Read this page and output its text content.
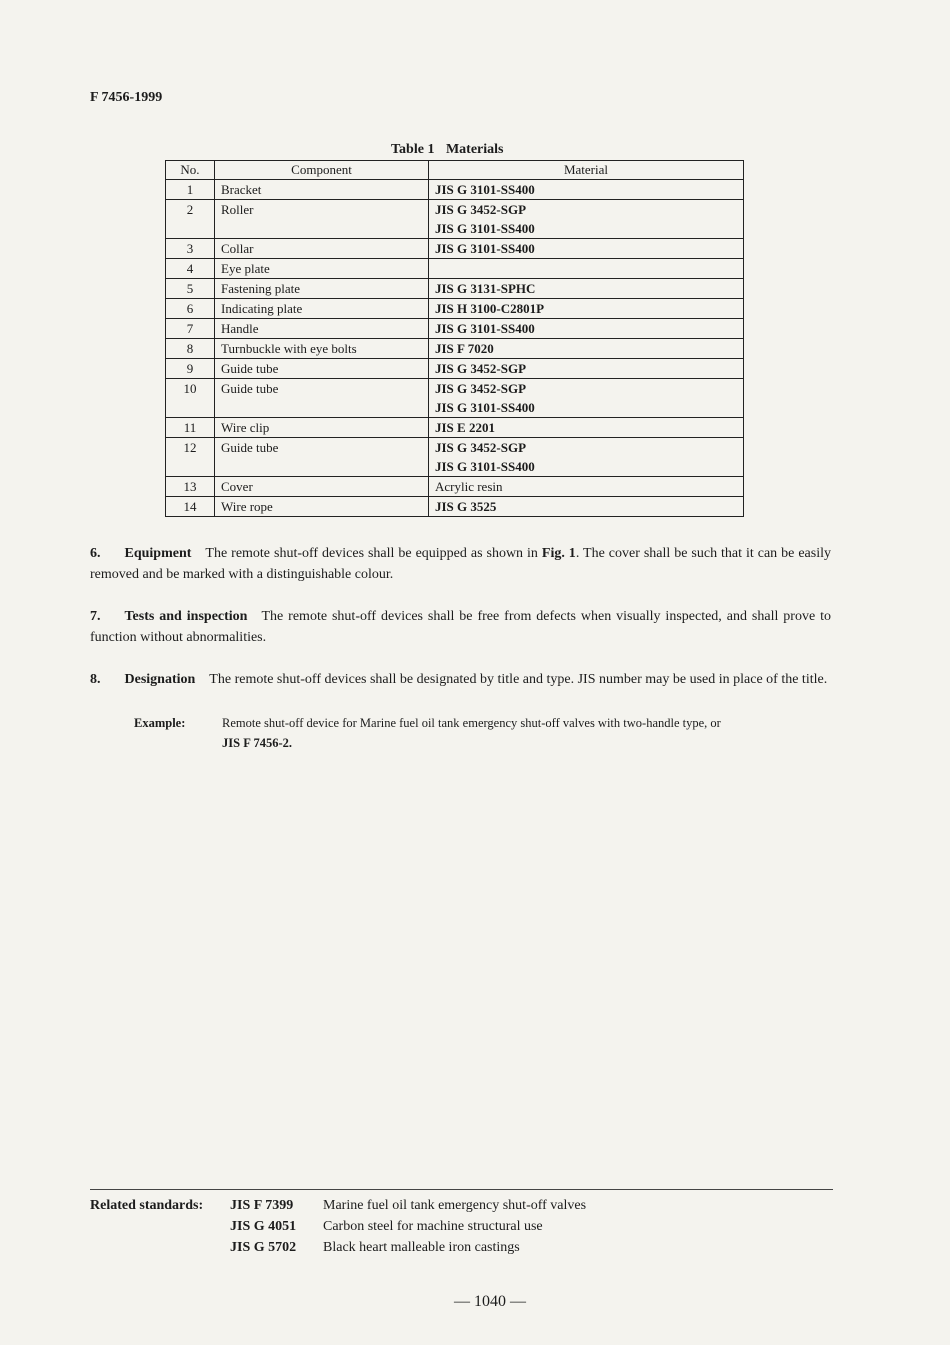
F 7456-1999
Table 1 Materials
No.	Component	Material
1	Bracket	JIS G 3101-SS400

2	Roller	JIS G 3452-SGP
JIS G 3101-SS400

3	Collar	JIS G 3101-SS400

4	Eye plate	

5	Fastening plate	JIS G 3131-SPHC

6	Indicating plate	JIS H 3100-C2801P

7	Handle	JIS G 3101-SS400

8	Turnbuckle with eye bolts	JIS F 7020

9	Guide tube	JIS G 3452-SGP

10	Guide tube	JIS G 3452-SGP
JIS G 3101-SS400

11	Wire clip	JIS E 2201

12	Guide tube	JIS G 3452-SGP
JIS G 3101-SS400

13	Cover	Acrylic resin

14	Wire rope	JIS G 3525
6. Equipment The remote shut-off devices shall be equipped as shown in Fig. 1. The cover shall be such that it can be easily removed and be marked with a distinguishable colour.
7. Tests and inspection The remote shut-off devices shall be free from defects when visually inspected, and shall prove to function without abnormalities.
8. Designation The remote shut-off devices shall be designated by title and type. JIS number may be used in place of the title.
Example:	Remote shut-off device for Marine fuel oil tank emergency shut-off valves with two-handle type, or
JIS F 7456-2.
Related standards: JIS F 7399 Marine fuel oil tank emergency shut-off valves
JIS G 4051 Carbon steel for machine structural use
JIS G 5702 Black heart malleable iron castings
— 1040 —
